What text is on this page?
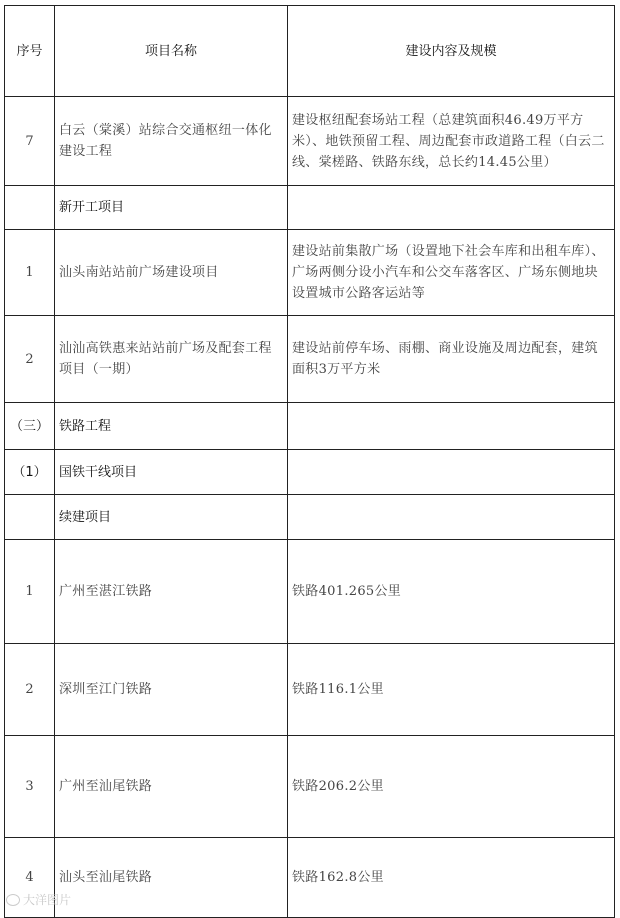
序号	项目名称	建设内容及规模
7	白云（棠溪）站综合交通枢纽一体化建设工程	建设枢纽配套场站工程（总建筑面积46.49万平方米）、地铁预留工程、周边配套市政道路工程（白云二线、棠槎路、铁路东线，总长约14.45公里）
	新开工项目	
1	汕头南站站前广场建设项目	建设站前集散广场（设置地下社会车库和出租车库）、广场两侧分设小汽车和公交车落客区、广场东侧地块设置城市公路客运站等
2	汕汕高铁惠来站站前广场及配套工程项目（一期）	建设站前停车场、雨棚、商业设施及周边配套，建筑面积3万平方米
（三）	铁路工程	
（1）	国铁干线项目	
	续建项目	
1	广州至湛江铁路	铁路401.265公里
2	深圳至江门铁路	铁路116.1公里
3	广州至汕尾铁路	铁路206.2公里
4	汕头至汕尾铁路	铁路162.8公里
大洋图片
